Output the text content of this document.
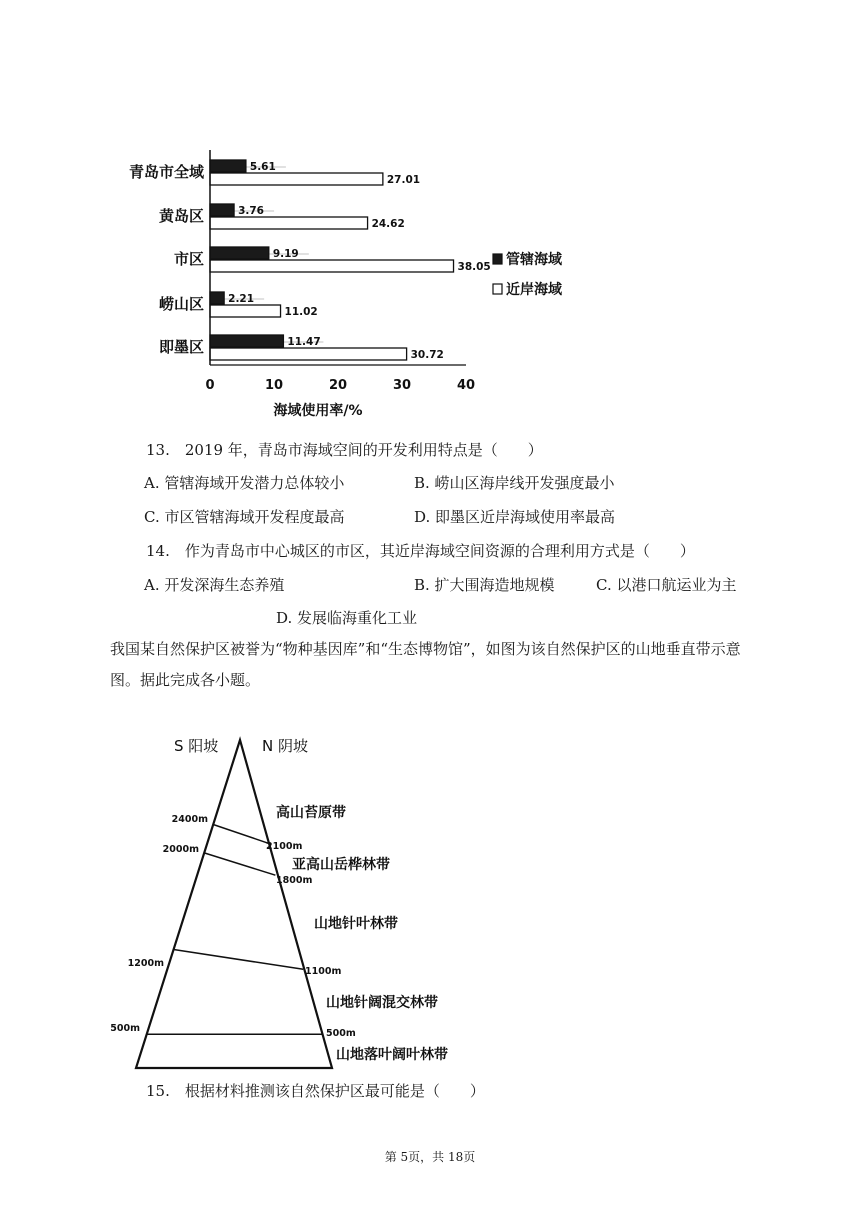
青岛市全域	5.61
27.01
黄岛区	3.76
24.62
市区	9.19
38.05
崂山区 2.21
11.02
即墨区	11.47
30.72
0	10	20	30	40
海域使用率/%
管辖海域
近岸海域
13.　2019 年，青岛市海域空间的开发利用特点是（　　）
A. 管辖海域开发潜力总体较小	B. 崂山区海岸线开发强度最小
C. 市区管辖海域开发程度最高	D. 即墨区近岸海域使用率最高
14.　作为青岛市中心城区的市区，其近岸海域空间资源的合理利用方式是（　　）
A. 开发深海生态养殖	B. 扩大围海造地规模	C. 以港口航运业为主
D. 发展临海重化工业
我国某自然保护区被誉为“物种基因库”和“生态博物馆”，如图为该自然保护区的山地垂直带示意图。据此完成各小题。
S 阳坡	N 阴坡
高山苔原带
亚高山岳桦林带
山地针叶林带
山地针阔混交林带
山地落叶阔叶林带
2400m
2000m
1200m
500m
2100m
1800m
1100m
500m
15.　根据材料推测该自然保护区最可能是（　　）
第 5页，共 18页
